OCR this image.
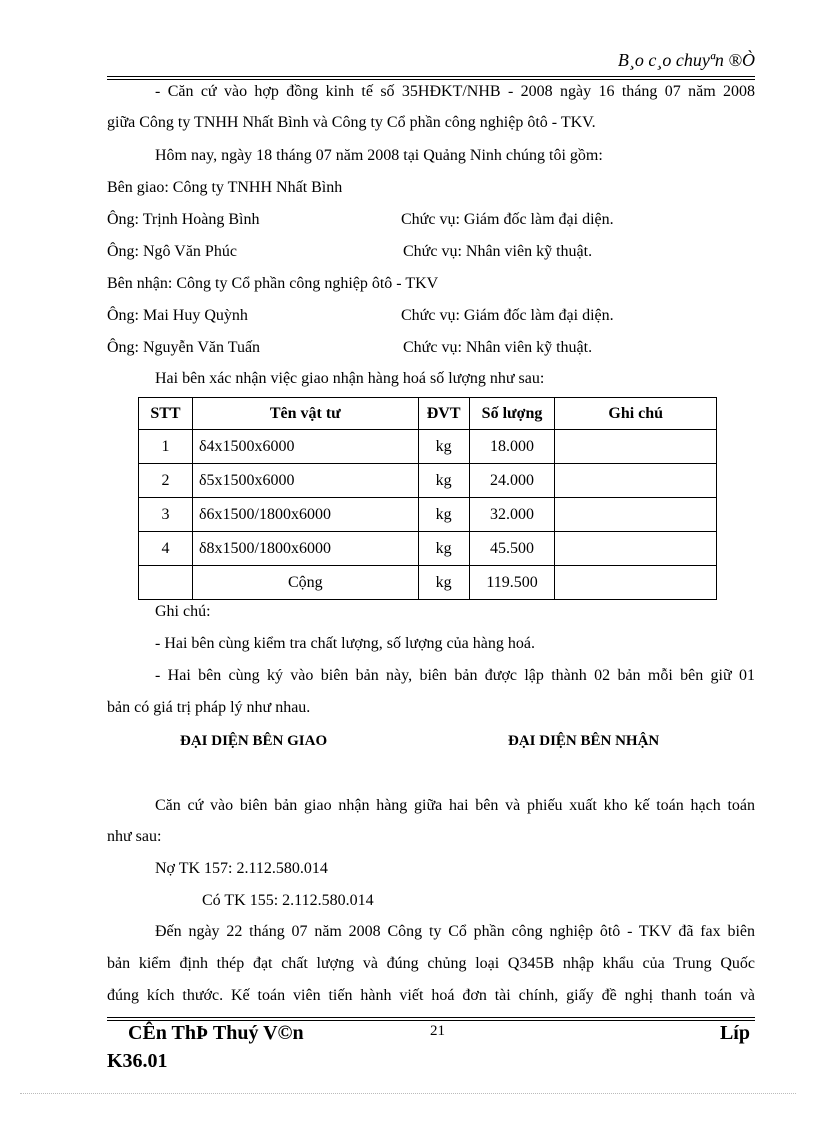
B¸o c¸o chuyªn ®Ò
- Căn cứ vào hợp đồng kinh tế số 35HĐKT/NHB - 2008 ngày 16 tháng 07 năm 2008
giữa Công ty TNHH Nhất Bình và Công ty Cổ phần công nghiệp ôtô - TKV.
Hôm nay, ngày 18 tháng 07 năm 2008 tại Quảng Ninh chúng tôi gồm:
Bên giao: Công ty TNHH Nhất Bình
Ông: Trịnh Hoàng Bình	Chức vụ: Giám đốc làm đại diện.
Ông: Ngô Văn Phúc	Chức vụ: Nhân viên kỹ thuật.
Bên nhận: Công ty Cổ phần công nghiệp ôtô - TKV
Ông: Mai Huy Quỳnh	Chức vụ: Giám đốc làm đại diện.
Ông: Nguyễn Văn Tuấn	Chức vụ: Nhân viên kỹ thuật.
Hai bên xác nhận việc giao nhận hàng hoá số lượng như sau:
STT	Tên vật tư	ĐVT	Số lượng	Ghi chú
1	δ4x1500x6000	kg	18.000	
2	δ5x1500x6000	kg	24.000	
3	δ6x1500/1800x6000	kg	32.000	
4	δ8x1500/1800x6000	kg	45.500	
	Cộng	kg	119.500	
Ghi chú:
- Hai bên cùng kiểm tra chất lượng, số lượng của hàng hoá.
- Hai bên cùng ký vào biên bản này, biên bản được lập thành 02 bản mỗi bên giữ 01
bản có giá trị pháp lý như nhau.
ĐẠI DIỆN BÊN GIAO	ĐẠI DIỆN BÊN NHẬN
Căn cứ vào biên bản giao nhận hàng giữa hai bên và phiếu xuất kho kế toán hạch toán
như sau:
Nợ TK 157: 2.112.580.014
Có TK 155: 2.112.580.014
Đến ngày 22 tháng 07 năm 2008 Công ty Cổ phần công nghiệp ôtô - TKV đã fax biên
bản kiểm định thép đạt chất lượng và đúng chủng loại Q345B nhập khẩu của Trung Quốc
đúng kích thước. Kế toán viên tiến hành viết hoá đơn tài chính, giấy đề nghị thanh toán và
CÊn ThÞ Thuý V©n	21	Líp
K36.01
